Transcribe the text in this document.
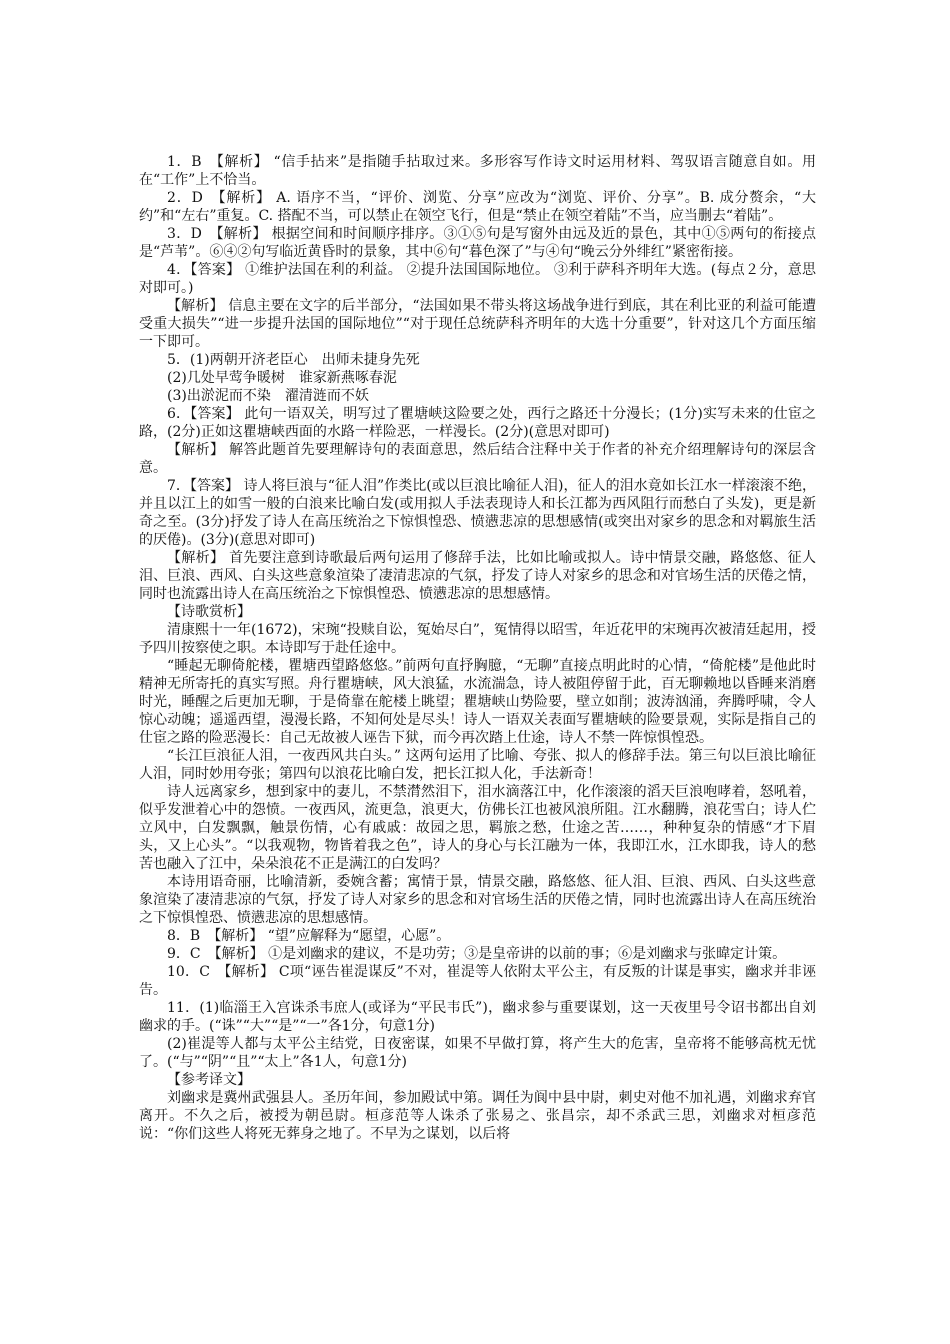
1．B　【解析】 “信手拈来”是指随手拈取过来。多形容写作诗文时运用材料、驾驭语言随意自如。用在“工作”上不恰当。

2．D　【解析】 A. 语序不当，“评价、浏览、分享”应改为“浏览、评价、分享”。B. 成分赘余，“大约”和“左右”重复。C. 搭配不当，可以禁止在领空飞行，但是“禁止在领空着陆”不当，应当删去“着陆”。

3．D　【解析】 根据空间和时间顺序排序。③①⑤句是写窗外由远及近的景色，其中①⑤两句的衔接点是“芦苇”。⑥④②句写临近黄昏时的景象，其中⑥句“暮色深了”与④句“晚云分外绯红”紧密衔接。

4．【答案】 ①维护法国在利的利益。 ②提升法国国际地位。 ③利于萨科齐明年大选。(每点２分，意思对即可。)

【解析】 信息主要在文字的后半部分，“法国如果不带头将这场战争进行到底，其在利比亚的利益可能遭受重大损失”“进一步提升法国的国际地位”“对于现任总统萨科齐明年的大选十分重要”，针对这几个方面压缩一下即可。

5．(1)两朝开济老臣心　出师未捷身先死

(2)几处早莺争暖树　谁家新燕啄春泥

(3)出淤泥而不染　濯清涟而不妖

6．【答案】 此句一语双关，明写过了瞿塘峡这险要之处，西行之路还十分漫长；(1分)实写未来的仕宦之路，(2分)正如这瞿塘峡西面的水路一样险恶，一样漫长。(2分)(意思对即可)

【解析】 解答此题首先要理解诗句的表面意思，然后结合注释中关于作者的补充介绍理解诗句的深层含意。

7．【答案】 诗人将巨浪与“征人泪”作类比(或以巨浪比喻征人泪)，征人的泪水竟如长江水一样滚滚不绝，并且以江上的如雪一般的白浪来比喻白发(或用拟人手法表现诗人和长江都为西风阻行而愁白了头发)，更是新奇之至。(3分)抒发了诗人在高压统治之下惊惧惶恐、愤懑悲凉的思想感情(或突出对家乡的思念和对羁旅生活的厌倦)。(3分)(意思对即可)

【解析】 首先要注意到诗歌最后两句运用了修辞手法，比如比喻或拟人。诗中情景交融，路悠悠、征人泪、巨浪、西风、白头这些意象渲染了凄清悲凉的气氛，抒发了诗人对家乡的思念和对官场生活的厌倦之情，同时也流露出诗人在高压统治之下惊惧惶恐、愤懑悲凉的思想感情。

【诗歌赏析】

清康熙十一年(1672)，宋琬“投赎自讼，冤始尽白”，冤情得以昭雪，年近花甲的宋琬再次被清廷起用，授予四川按察使之职。本诗即写于赴任途中。

“睡起无聊倚舵楼，瞿塘西望路悠悠。”前两句直抒胸臆，“无聊”直接点明此时的心情，“倚舵楼”是他此时精神无所寄托的真实写照。舟行瞿塘峡，风大浪猛，水流湍急，诗人被阻停留于此，百无聊赖地以昏睡来消磨时光，睡醒之后更加无聊，于是倚靠在舵楼上眺望；瞿塘峡山势险要，壁立如削；波涛汹涌，奔腾呼啸，令人惊心动魄；遥遥西望，漫漫长路，不知何处是尽头！诗人一语双关表面写瞿塘峡的险要景观，实际是指自己的仕宦之路的险恶漫长：自己无故被人诬告下狱，而今再次踏上仕途，诗人不禁一阵惊惧惶恐。

“长江巨浪征人泪，一夜西风共白头。” 这两句运用了比喻、夸张、拟人的修辞手法。第三句以巨浪比喻征人泪，同时妙用夸张；第四句以浪花比喻白发，把长江拟人化，手法新奇！

诗人远离家乡，想到家中的妻儿，不禁潸然泪下，泪水滴落江中，化作滚滚的滔天巨浪咆哮着，怒吼着，似乎发泄着心中的怨愤。一夜西风，流更急，浪更大，仿佛长江也被风浪所阻。江水翻腾，浪花雪白；诗人伫立风中，白发飘飘，触景伤情，心有戚戚：故园之思，羁旅之愁，仕途之苦……，种种复杂的情感“才下眉头，又上心头”。“以我观物，物皆着我之色”，诗人的身心与长江融为一体，我即江水，江水即我，诗人的愁苦也融入了江中，朵朵浪花不正是满江的白发吗？

本诗用语奇丽，比喻清新，委婉含蓄；寓情于景，情景交融，路悠悠、征人泪、巨浪、西风、白头这些意象渲染了凄清悲凉的气氛，抒发了诗人对家乡的思念和对官场生活的厌倦之情，同时也流露出诗人在高压统治之下惊惧惶恐、愤懑悲凉的思想感情。

8．B　【解析】 “望”应解释为“愿望，心愿”。

9．C　【解析】 ①是刘幽求的建议，不是功劳；③是皇帝讲的以前的事；⑥是刘幽求与张暐定计策。

10．C　【解析】 C项“诬告崔湜谋反”不对，崔湜等人依附太平公主，有反叛的计谋是事实，幽求并非诬告。

11．(1)临淄王入宫诛杀韦庶人(或译为“平民韦氏”)，幽求参与重要谋划，这一天夜里号令诏书都出自刘幽求的手。(“诛”“大”“是”“一”各1分，句意1分)

(2)崔湜等人都与太平公主结党，日夜密谋，如果不早做打算，将产生大的危害，皇帝将不能够高枕无忧了。(“与”“阴”“且”“太上”各1人，句意1分)

【参考译文】

刘幽求是冀州武强县人。圣历年间，参加殿试中第。调任为阆中县中尉，刺史对他不加礼遇，刘幽求弃官离开。不久之后，被授为朝邑尉。桓彦范等人诛杀了张易之、张昌宗，却不杀武三思，刘幽求对桓彦范说：“你们这些人将死无葬身之地了。不早为之谋划，以后将
